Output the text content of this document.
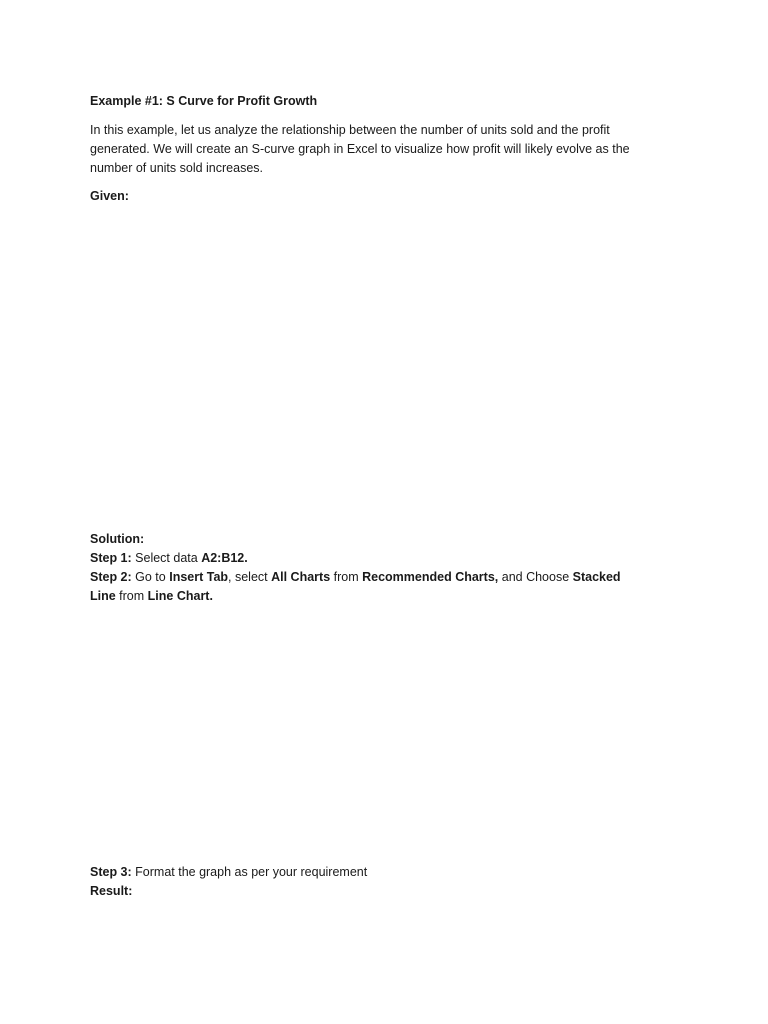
Example #1: S Curve for Profit Growth
In this example, let us analyze the relationship between the number of units sold and the profit
generated. We will create an S-curve graph in Excel to visualize how profit will likely evolve as the
number of units sold increases.
Given:
Solution:
Step 1: Select data A2:B12.
Step 2: Go to Insert Tab, select All Charts from Recommended Charts, and Choose Stacked
Line from Line Chart.
Step 3: Format the graph as per your requirement
Result:
